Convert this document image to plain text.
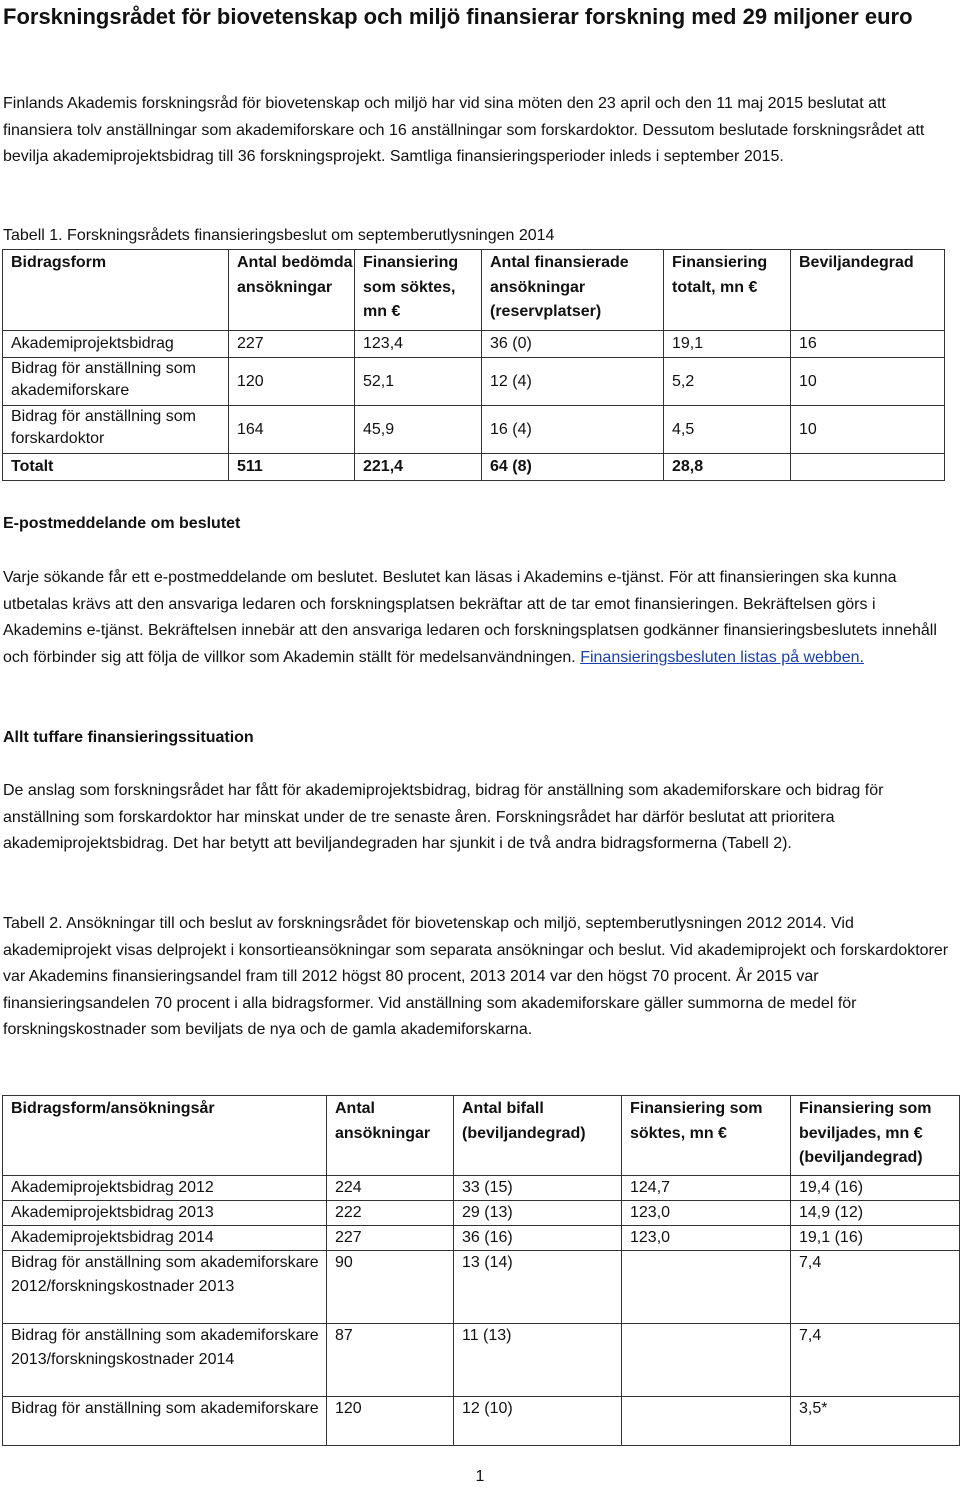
Forskningsrådet för biovetenskap och miljö finansierar forskning med 29 miljoner euro

Finlands Akademis forskningsråd för biovetenskap och miljö har vid sina möten den 23 april och den 11 maj 2015 beslutat att finansiera tolv anställningar som akademiforskare och 16 anställningar som forskardoktor. Dessutom beslutade forskningsrådet att bevilja akademiprojektsbidrag till 36 forskningsprojekt. Samtliga finansieringsperioder inleds i september 2015.

Tabell 1. Forskningsrådets finansieringsbeslut om septemberutlysningen 2014

Bidragsform	Antal bedömda ansökningar	Finansiering som söktes, mn €	Antal finansierade ansökningar (reservplatser)	Finansiering totalt, mn €	Beviljandegrad
Akademiprojektsbidrag	227	123,4	36 (0)	19,1	16
Bidrag för anställning som akademiforskare	120	52,1	12 (4)	5,2	10
Bidrag för anställning som forskardoktor	164	45,9	16 (4)	4,5	10
Totalt	511	221,4	64 (8)	28,8	

E-postmeddelande om beslutet

Varje sökande får ett e-postmeddelande om beslutet. Beslutet kan läsas i Akademins e-tjänst. För att finansieringen ska kunna utbetalas krävs att den ansvariga ledaren och forskningsplatsen bekräftar att de tar emot finansieringen. Bekräftelsen görs i Akademins e-tjänst. Bekräftelsen innebär att den ansvariga ledaren och forskningsplatsen godkänner finansieringsbeslutets innehåll och förbinder sig att följa de villkor som Akademin ställt för medelsanvändningen. Finansieringsbesluten listas på webben.

Allt tuffare finansieringssituation

De anslag som forskningsrådet har fått för akademiprojektsbidrag, bidrag för anställning som akademiforskare och bidrag för anställning som forskardoktor har minskat under de tre senaste åren. Forskningsrådet har därför beslutat att prioritera akademiprojektsbidrag. Det har betytt att beviljandegraden har sjunkit i de två andra bidragsformerna (Tabell 2).

Tabell 2. Ansökningar till och beslut av forskningsrådet för biovetenskap och miljö, septemberutlysningen 2012 2014. Vid akademiprojekt visas delprojekt i konsortieansökningar som separata ansökningar och beslut. Vid akademiprojekt och forskardoktorer var Akademins finansieringsandel fram till 2012 högst 80 procent, 2013 2014 var den högst 70 procent. År 2015 var finansieringsandelen 70 procent i alla bidragsformer. Vid anställning som akademiforskare gäller summorna de medel för forskningskostnader som beviljats de nya och de gamla akademiforskarna.

Bidragsform/ansökningsår	Antal ansökningar	Antal bifall (beviljandegrad)	Finansiering som söktes, mn €	Finansiering som beviljades, mn € (beviljandegrad)
Akademiprojektsbidrag 2012	224	33 (15)	124,7	19,4 (16)
Akademiprojektsbidrag 2013	222	29 (13)	123,0	14,9 (12)
Akademiprojektsbidrag 2014	227	36 (16)	123,0	19,1 (16)
Bidrag för anställning som akademiforskare 2012/forskningskostnader 2013	90	13 (14)		7,4
Bidrag för anställning som akademiforskare 2013/forskningskostnader 2014	87	11 (13)		7,4
Bidrag för anställning som akademiforskare	120	12 (10)		3,5*
1
